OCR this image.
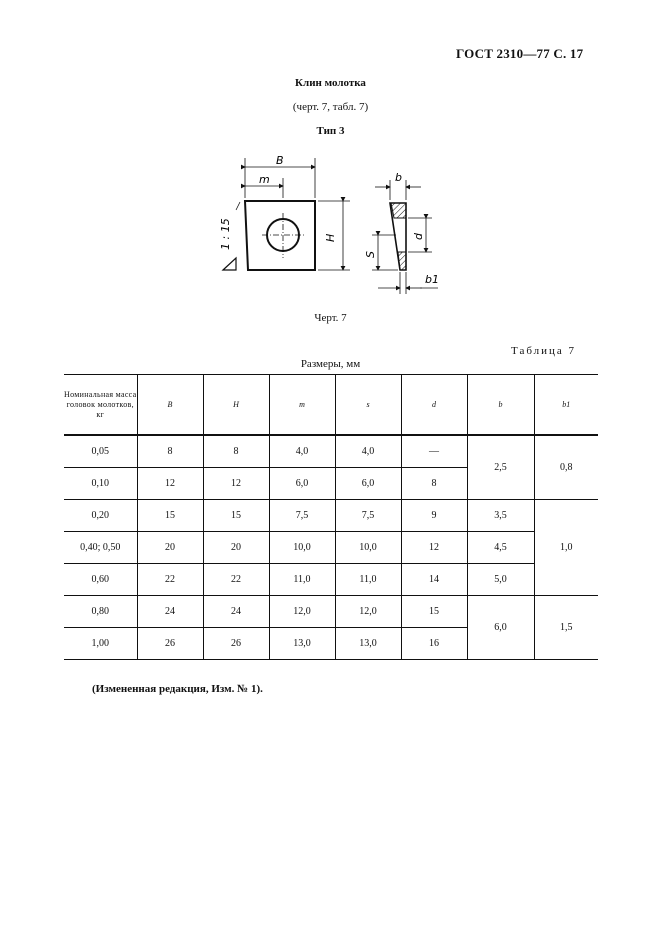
ГОСТ 2310—77 С. 17
Клин молотка
(черт. 7, табл. 7)
Тип 3
B
m
H
1 : 15
b
d
S
b1
Черт. 7
Таблица 7
Размеры, мм
Номинальная масса головок молотков, кг	B	H	m	s	d	b	b1
0,05	8	8	4,0	4,0	—	2,5	0,8
0,10	12	12	6,0	6,0	8		
0,20	15	15	7,5	7,5	9	3,5	1,0
0,40; 0,50	20	20	10,0	10,0	12	4,5	
0,60	22	22	11,0	11,0	14	5,0	
0,80	24	24	12,0	12,0	15	6,0	1,5
1,00	26	26	13,0	13,0	16		
(Измененная редакция, Изм. № 1).
